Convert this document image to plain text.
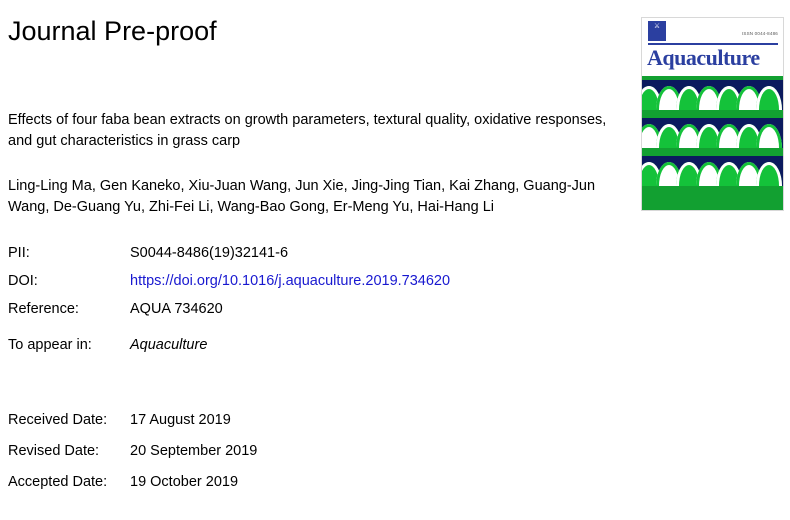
Journal Pre-proof
Effects of four faba bean extracts on growth parameters, textural quality, oxidative responses, and gut characteristics in grass carp
Ling-Ling Ma, Gen Kaneko, Xiu-Juan Wang, Jun Xie, Jing-Jing Tian, Kai Zhang, Guang-Jun Wang, De-Guang Yu, Zhi-Fei Li, Wang-Bao Gong, Er-Meng Yu, Hai-Hang Li
PII:	S0044-8486(19)32141-6
DOI:	https://doi.org/10.1016/j.aquaculture.2019.734620
Reference:	AQUA 734620
To appear in:	Aquaculture
Received Date:	17 August 2019
Revised Date:	20 September 2019
Accepted Date:	19 October 2019
⚔
ISSN 0044-8486
Aquaculture
